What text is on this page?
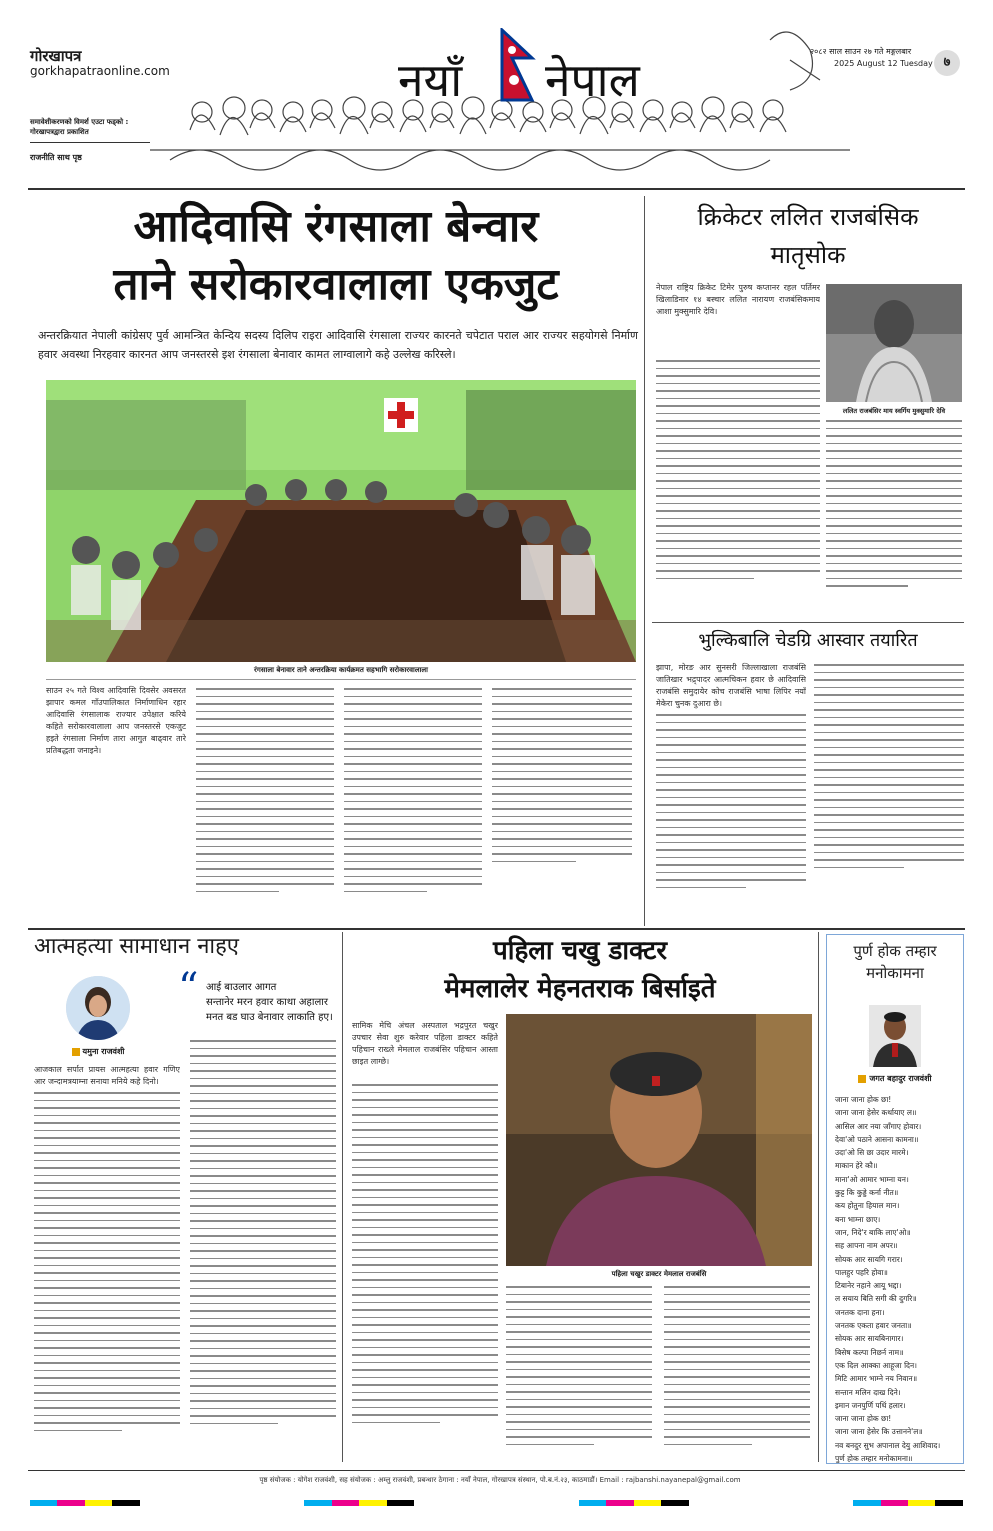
गोरखापत्र
gorkhapatraonline.com
समावेशीकरणको विमर्श एउटा फड्को : गोरखापत्रद्वारा प्रकाशित
राजनीति साथ पृष्ठ
नयाँ नेपाल
२०८२ साल साउन २७ गते मङ्गलबार
2025 August 12 Tuesday ७
आदिवासि रंगसाला बेन्वार
ताने सरोकारवालाला एकजुट
अन्तरक्रियात नेपाली कांग्रेसए पुर्व आमन्त्रित केन्दिय सदस्य दिलिप राइरा आदिवासि रंगसाला राज्यर कारनते चपेटात पराल आर राज्यर सहयोगसे निर्माण हवार अवस्था निरहवार कारनत आप जनस्तरसे इश रंगसाला बेनावार कामत लाग्वालागे कहे उल्लेख करिस्ले।
रंगसाला बेनावार ताने अन्तरक्रिया कार्यक्रमत सहभागि सरोकारवालाला
साउन २५ गते विश्व आदिवासि दिवसेर अवसरत झापार कमल गाँउपालिकात निर्माणाधिन रहार आदिवासि रंगसालाक राज्यार उपेक्षात करिये कहिते सरोकारवालाला आप जनस्तरसे एकजुट हइते रंगसाला निर्माण तारा आगुत बाढ्वार तारे प्रतिबद्धता जनाइने।
क्रिकेटर ललित राजबंसिक
मातृसोक
नेपाल राष्ट्रिय क्रिकेट टिमेर पुरुष कप्तानर रहल पर्तिमर खिलाडिनार १४ बस्चार ललित नारायण राजबंसिकमाय आशा मुक्सुमारि देवि।
ललित राजबंसिर माय स्वर्गिय मुक्सुमारि देवि
भुल्किबालि चेडग्रि आस्वार तयारित
झापा, मोरङ आर सुनसरी जिल्लाखाला राजबंसि जातिखार भद्र्पादर आत्मचिकन हवार छे आदिवासि राजबंसि समुदायेर कोच राजबंसि भाषा लिपिर नयाँ मेकेरा चुनक दुआरा छे।
आत्महत्या सामाधान नाहए
यमुना राजवंशी
“ आई बाउलार आगत
सन्तानेर मरन हवार काथा अहालार
मनत बड घाउ बेनावार लाकाति हए।
आजकाल सर्पात प्रायस आत्महत्या हवार गणिए आर जन्दामत्रयाम्ना सनाया मनिये कहे दिनो।
पहिला चखु डाक्टर
मेमलालेर मेहनतराक बिर्साइते
सामिक मेचि अंचल अस्पताल भद्रपुरत चखुर उपचार सेवा शुरु करेवार पहिला डाक्टर कहिते पहिचान राख्ले मेमलाल राजबंसिर पहिचान आस्ता छाइत लाग्छे।
पहिला चखुर डाक्टर मेमलाल राजबंसि
पुर्ण होक तम्हार
मनोकामना
जगत बहादुर राजवंशी
जाना जाना होक छा!
जाना जाना हेसेर कर्थायाए ल॥
आसिल आर नया जाँगाए होवार।
देवा'ओ पठाने आसना कामना॥
उदा'ओ सि छा उदार मारमे।
माकान हेरे कौ॥
माना'ओ आमार भाम्ना यन।
कुट्ट कि कुड्डे कर्ना नीत॥
कय होतुना हियाल मान।
बना भाम्ना छाए।
जान, निदे'र बाकि लाए'ओ॥
सह आपना नाम अपर॥
सोयक आर सायगि गरार।
पालहुर पहरि होवा॥
टिबानेर नहाने आयू भद्दा।
ल सयाय बिति सगी की दुगरि॥
जनतक दाना हना।
जनतक एकता हवार जनता॥
सोयक आर सायबिनागार।
बिसेष कल्पा निछर्न नाम॥
एक दिल आक्का आहूजा दिन।
मिटि आमार भाम्ने नय निवान॥
सन्तान मलिन दाख दिने।
इमान जनपुर्णि पथिं हलार।
जाना जाना होक छा!
जाना जाना हेसेर कि उत्तानने'ल॥
नव बनदुर सुभ अपानाल देयु आशिवाद।
पुर्ण होक तम्हार मनोकामना॥
पृष्ठ संयोजक : योगेश राजवंशी, सह संयोजक : अम्लु राजवंशी, प्रबन्धार ठेगाना : नयाँ नेपाल, गोरखापत्र संस्थान, पो.ब.नं.२३, काठमाडौं। Email : rajbanshi.nayanepal@gmail.com
